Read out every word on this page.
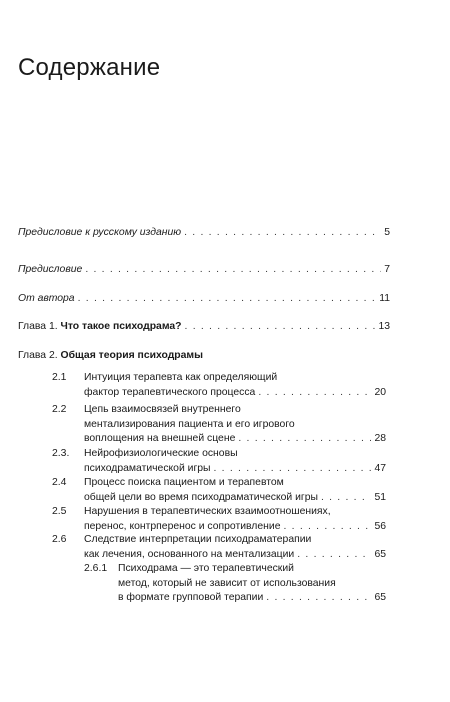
Содержание
Предисловие к русскому изданию . . .	5
Предисловие . . .	7
От автора . . .	11
Глава 1. Что такое психодрама? . . .	13
Глава 2. Общая теория психодрамы
2.1 Интуиция терапевта как определяющий
фактор терапевтического процесса . . .	20
2.2 Цепь взаимосвязей внутреннего
ментализирования пациента и его игрового
воплощения на внешней сцене . . .	28
2.3. Нейрофизиологические основы
психодраматической игры . . .	47
2.4 Процесс поиска пациентом и терапевтом
общей цели во время психодраматической игры . . .	51
2.5 Нарушения в терапевтических взаимоотношениях,
перенос, контрперенос и сопротивление . . .	56
2.6 Следствие интерпретации психодраматерапии
как лечения, основанного на ментализации . . .	65
2.6.1 Психодрама — это терапевтический
метод, который не зависит от использования
в формате групповой терапии . . .	65
